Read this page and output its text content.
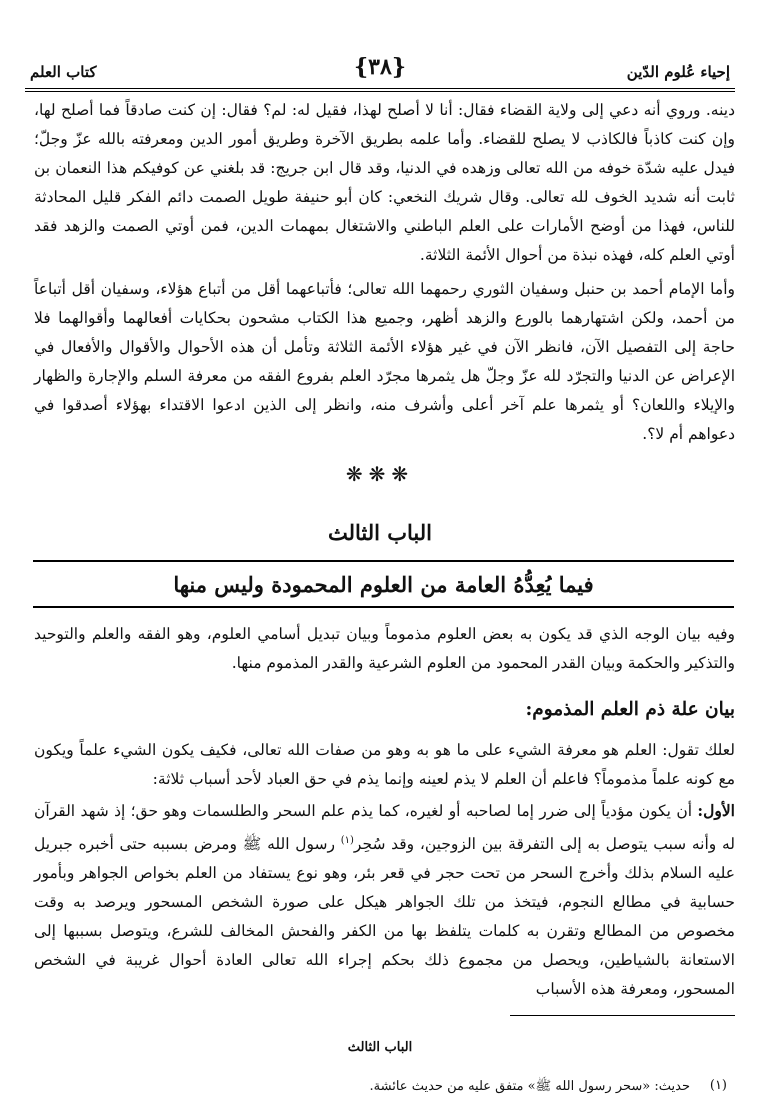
إحياء عُلوم الدّين
{٣٨}
كتاب العلم

دينه. وروي أنه دعي إلى ولاية القضاء فقال: أنا لا أصلح لهذا، فقيل له: لم؟ فقال: إن كنت صادقاً فما أصلح لها، وإن كنت كاذباً فالكاذب لا يصلح للقضاء. وأما علمه بطريق الآخرة وطريق أمور الدين ومعرفته بالله عزّ وجلّ؛ فيدل عليه شدّة خوفه من الله تعالى وزهده في الدنيا، وقد قال ابن جريج: قد بلغني عن كوفيكم هذا النعمان بن ثابت أنه شديد الخوف لله تعالى. وقال شريك النخعي: كان أبو حنيفة طويل الصمت دائم الفكر قليل المحادثة للناس، فهذا من أوضح الأمارات على العلم الباطني والاشتغال بمهمات الدين، فمن أوتي الصمت والزهد فقد أوتي العلم كله، فهذه نبذة من أحوال الأئمة الثلاثة.

وأما الإمام أحمد بن حنبل وسفيان الثوري رحمهما الله تعالى؛ فأتباعهما أقل من أتباع هؤلاء، وسفيان أقل أتباعاً من أحمد، ولكن اشتهارهما بالورع والزهد أظهر، وجميع هذا الكتاب مشحون بحكايات أفعالهما وأقوالهما فلا حاجة إلى التفصيل الآن، فانظر الآن في غير هؤلاء الأئمة الثلاثة وتأمل أن هذه الأحوال والأقوال والأفعال في الإعراض عن الدنيا والتجرّد لله عزّ وجلّ هل يثمرها مجرّد العلم بفروع الفقه من معرفة السلم والإجارة والظهار والإيلاء واللعان؟ أو يثمرها علم آخر أعلى وأشرف منه، وانظر إلى الذين ادعوا الاقتداء بهؤلاء أصدقوا في دعواهم أم لا؟.

❋❋❋
الباب الثالث
فيما يُعِدُّهُ العامة من العلوم المحمودة وليس منها

وفيه بيان الوجه الذي قد يكون به بعض العلوم مذموماً وبيان تبديل أسامي العلوم، وهو الفقه والعلم والتوحيد والتذكير والحكمة وبيان القدر المحمود من العلوم الشرعية والقدر المذموم منها.

بيان علة ذم العلم المذموم:

لعلك تقول: العلم هو معرفة الشيء على ما هو به وهو من صفات الله تعالى، فكيف يكون الشيء علماً ويكون مع كونه علماً مذموماً؟ فاعلم أن العلم لا يذم لعينه وإنما يذم في حق العباد لأحد أسباب ثلاثة:

الأول: أن يكون مؤدياً إلى ضرر إما لصاحبه أو لغيره، كما يذم علم السحر والطلسمات وهو حق؛ إذ شهد القرآن له وأنه سبب يتوصل به إلى التفرقة بين الزوجين، وقد سُحِر$^{(١)}$ رسول الله ﷺ ومرض بسببه حتى أخبره جبريل عليه السلام بذلك وأخرج السحر من تحت حجر في قعر بئر، وهو نوع يستفاد من العلم بخواص الجواهر وبأمور حسابية في مطالع النجوم، فيتخذ من تلك الجواهر هيكل على صورة الشخص المسحور ويرصد به وقت مخصوص من المطالع وتقرن به كلمات يتلفظ بها من الكفر والفحش المخالف للشرع، ويتوصل بسببها إلى الاستعانة بالشياطين، ويحصل من مجموع ذلك بحكم إجراء الله تعالى العادة أحوال غريبة في الشخص المسحور، ومعرفة هذه الأسباب

الباب الثالث
(١)
حديث: «سحر رسول الله ﷺ» متفق عليه من حديث عائشة.
